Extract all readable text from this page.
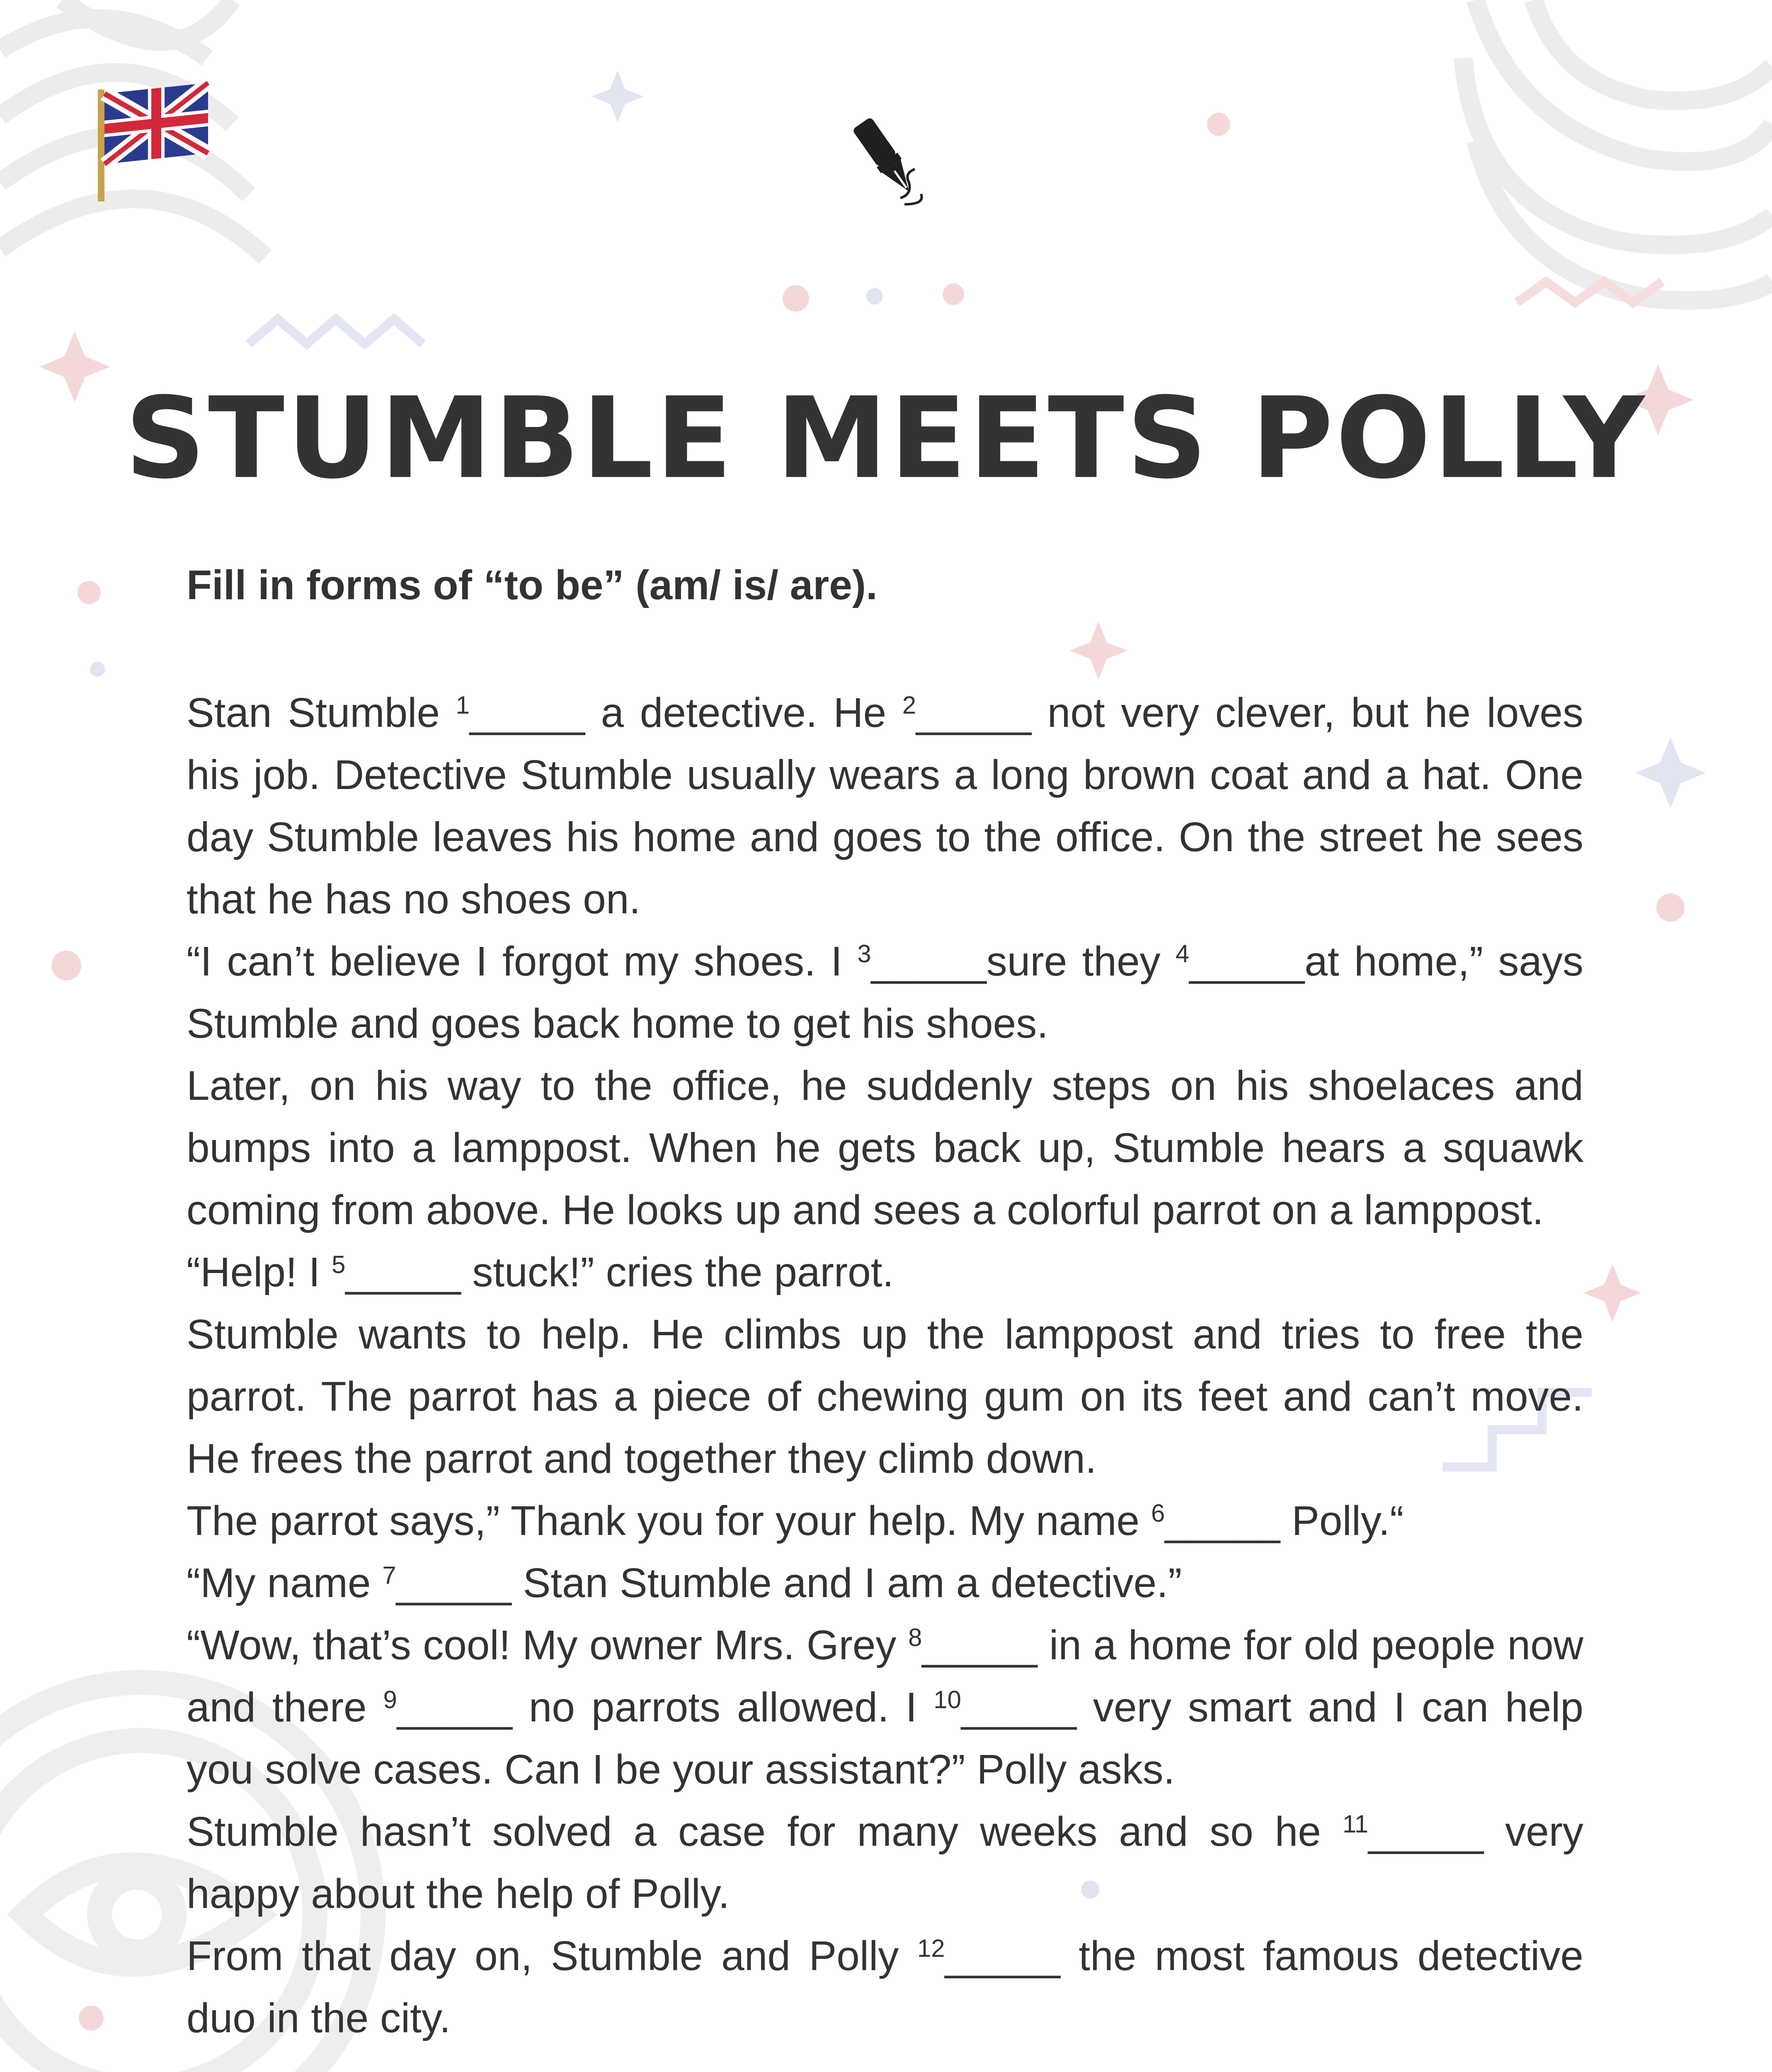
STUMBLE MEETS POLLY

Fill in forms of “to be” (am/ is/ are).

Stan Stumble $^1$_____ a detective. He $^2$_____ not very clever, but he loves his job. Detective Stumble usually wears a long brown coat and a hat. One day Stumble leaves his home and goes to the office. On the street he sees that he has no shoes on.

“I can’t believe I forgot my shoes. I $^3$_____sure they $^4$_____at home,” says Stumble and goes back home to get his shoes.

Later, on his way to the office, he suddenly steps on his shoelaces and bumps into a lamppost. When he gets back up, Stumble hears a squawk coming from above. He looks up and sees a colorful parrot on a lamppost.

“Help! I $^5$_____ stuck!” cries the parrot.

Stumble wants to help. He climbs up the lamppost and tries to free the parrot. The parrot has a piece of chewing gum on its feet and can’t move. He frees the parrot and together they climb down.

The parrot says,” Thank you for your help. My name $^6$_____ Polly.“

“My name $^7$_____ Stan Stumble and I am a detective.”

“Wow, that’s cool! My owner Mrs. Grey $^8$_____ in a home for old people now and there $^9$_____ no parrots allowed. I $^{10}$_____ very smart and I can help you solve cases. Can I be your assistant?” Polly asks.

Stumble hasn’t solved a case for many weeks and so he $^{11}$_____ very happy about the help of Polly.

From that day on, Stumble and Polly $^{12}$_____ the most famous detective duo in the city.
